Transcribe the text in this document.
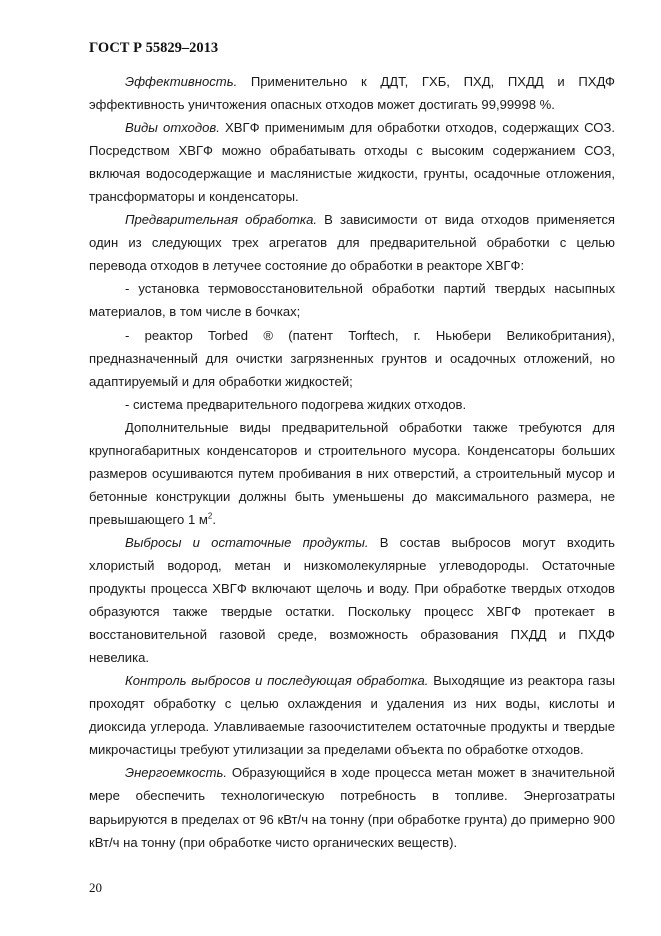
ГОСТ Р 55829–2013

Эффективность. Применительно к ДДТ, ГХБ, ПХД, ПХДД и ПХДФ эффективность уничтожения опасных отходов может достигать 99,99998 %.

Виды отходов. ХВГФ применимым для обработки отходов, содержащих СОЗ. Посредством ХВГФ можно обрабатывать отходы с высоким содержанием СОЗ, включая водосодержащие и маслянистые жидкости, грунты, осадочные отложения, трансформаторы и конденсаторы.

Предварительная обработка. В зависимости от вида отходов применяется один из следующих трех агрегатов для предварительной обработки с целью перевода отходов в летучее состояние до обработки в реакторе ХВГФ:

- установка термовосстановительной обработки партий твердых насыпных материалов, в том числе в бочках;

- реактор Torbed ® (патент Torftech, г. Ньюбери Великобритания), предназначенный для очистки загрязненных грунтов и осадочных отложений, но адаптируемый и для обработки жидкостей;

- система предварительного подогрева жидких отходов.

Дополнительные виды предварительной обработки также требуются для крупногабаритных конденсаторов и строительного мусора. Конденсаторы больших размеров осушиваются путем пробивания в них отверстий, а строительный мусор и бетонные конструкции должны быть уменьшены до максимального размера, не превышающего 1 $м^2$.

Выбросы и остаточные продукты. В состав выбросов могут входить хлористый водород, метан и низкомолекулярные углеводороды. Остаточные продукты процесса ХВГФ включают щелочь и воду. При обработке твердых отходов образуются также твердые остатки. Поскольку процесс ХВГФ протекает в восстановительной газовой среде, возможность образования ПХДД и ПХДФ невелика.

Контроль выбросов и последующая обработка. Выходящие из реактора газы проходят обработку с целью охлаждения и удаления из них воды, кислоты и диоксида углерода. Улавливаемые газоочистителем остаточные продукты и твердые микрочастицы требуют утилизации за пределами объекта по обработке отходов.

Энергоемкость. Образующийся в ходе процесса метан может в значительной мере обеспечить технологическую потребность в топливе. Энергозатраты варьируются в пределах от 96 кВт/ч на тонну (при обработке грунта) до примерно 900 кВт/ч на тонну (при обработке чисто органических веществ).

20
